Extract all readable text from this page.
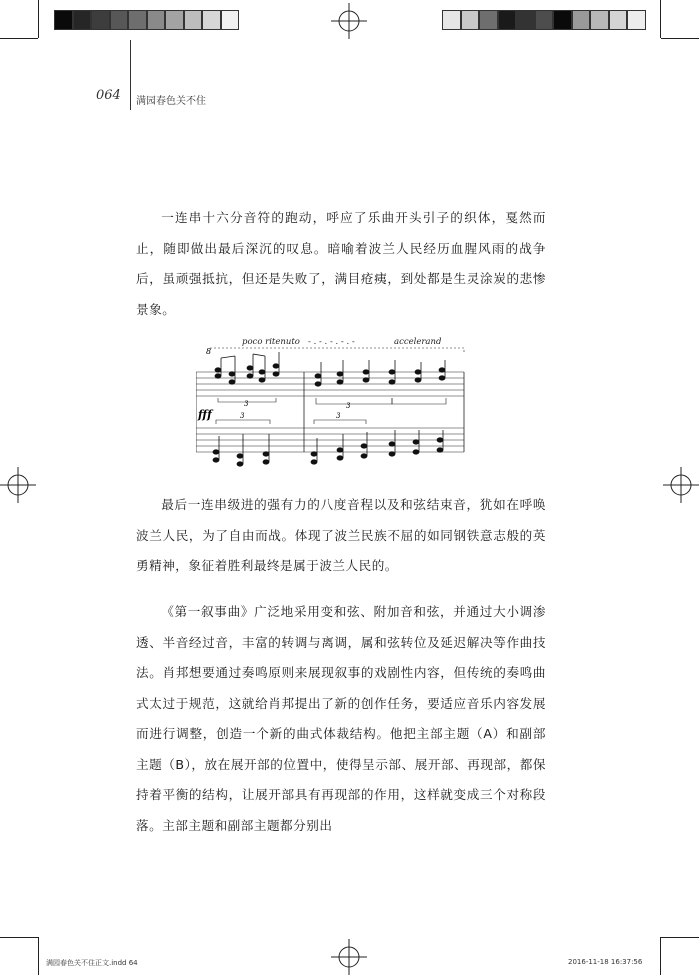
064 满园春色关不住

一连串十六分音符的跑动，呼应了乐曲开头引子的织体，戛然而止，随即做出最后深沉的叹息。暗喻着波兰人民经历血腥风雨的战争后，虽顽强抵抗，但还是失败了，满目疮痍，到处都是生灵涂炭的悲惨景象。

poco ritenuto - . - . - . - . -	accelerand
8
3	3
fff	3	3

最后一连串级进的强有力的八度音程以及和弦结束音，犹如在呼唤波兰人民，为了自由而战。体现了波兰民族不屈的如同钢铁意志般的英勇精神，象征着胜利最终是属于波兰人民的。

《第一叙事曲》广泛地采用变和弦、附加音和弦，并通过大小调渗透、半音经过音，丰富的转调与离调，属和弦转位及延迟解决等作曲技法。肖邦想要通过奏鸣原则来展现叙事的戏剧性内容，但传统的奏鸣曲式太过于规范，这就给肖邦提出了新的创作任务，要适应音乐内容发展而进行调整，创造一个新的曲式体裁结构。他把主部主题（A）和副部主题（B），放在展开部的位置中，使得呈示部、展开部、再现部，都保持着平衡的结构，让展开部具有再现部的作用，这样就变成三个对称段落。主部主题和副部主题都分别出

满园春色关不住正文.indd 64	2016-11-18 16:37:56
